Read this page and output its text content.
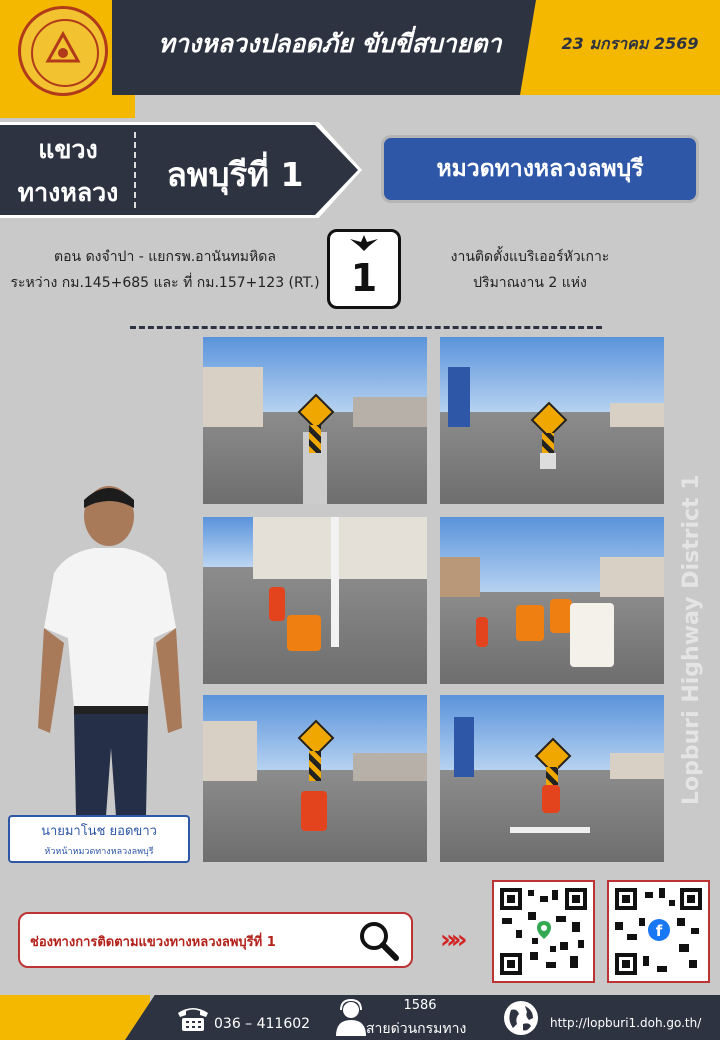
ทางหลวงปลอดภัย ขับขี่สบายตา	23 มกราคม 2569
แขวง
ทางหลวง	ลพบุรีที่ 1	หมวดทางหลวงลพบุรี
ตอน ดงจำปา - แยกรพ.อานันทมหิดล
ระหว่าง กม.145+685 และ ที่ กม.157+123 (RT.) 1	งานติดตั้งแบริเออร์หัวเกาะ
ปริมาณงาน 2 แห่ง
นายมาโนช ยอดขาว
หัวหน้าหมวดทางหลวงลพบุรี
Lopburi Highway District 1
ช่องทางการติดตามแขวงทางหลวงลพบุรีที่ 1	»»	f
036 – 411602
1586
สายด่วนกรมทาง	http://lopburi1.doh.go.th/
